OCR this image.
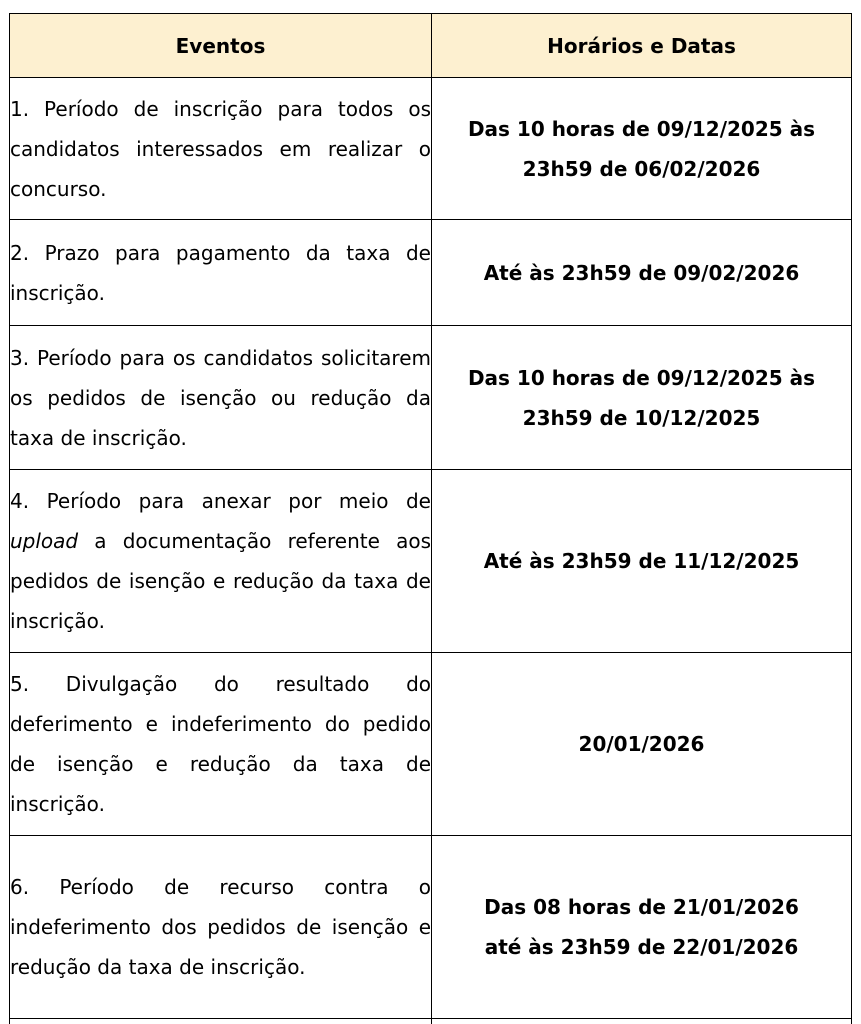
Eventos	Horários e Datas
1. Período de inscrição para todos os candidatos interessados em realizar o concurso.	Das 10 horas de 09/12/2025 às
23h59 de 06/02/2026

2. Prazo para pagamento da taxa de inscrição.	Até às 23h59 de 09/02/2026

3. Período para os candidatos solicitarem os pedidos de isenção ou redução da taxa de inscrição.	Das 10 horas de 09/12/2025 às
23h59 de 10/12/2025

4. Período para anexar por meio de upload a documentação referente aos pedidos de isenção e redução da taxa de inscrição.	Até às 23h59 de 11/12/2025

5. Divulgação do resultado do deferimento e indeferimento do pedido de isenção e redução da taxa de inscrição.	20/01/2026

6. Período de recurso contra o indeferimento dos pedidos de isenção e redução da taxa de inscrição.	Das 08 horas de 21/01/2026
até às 23h59 de 22/01/2026
